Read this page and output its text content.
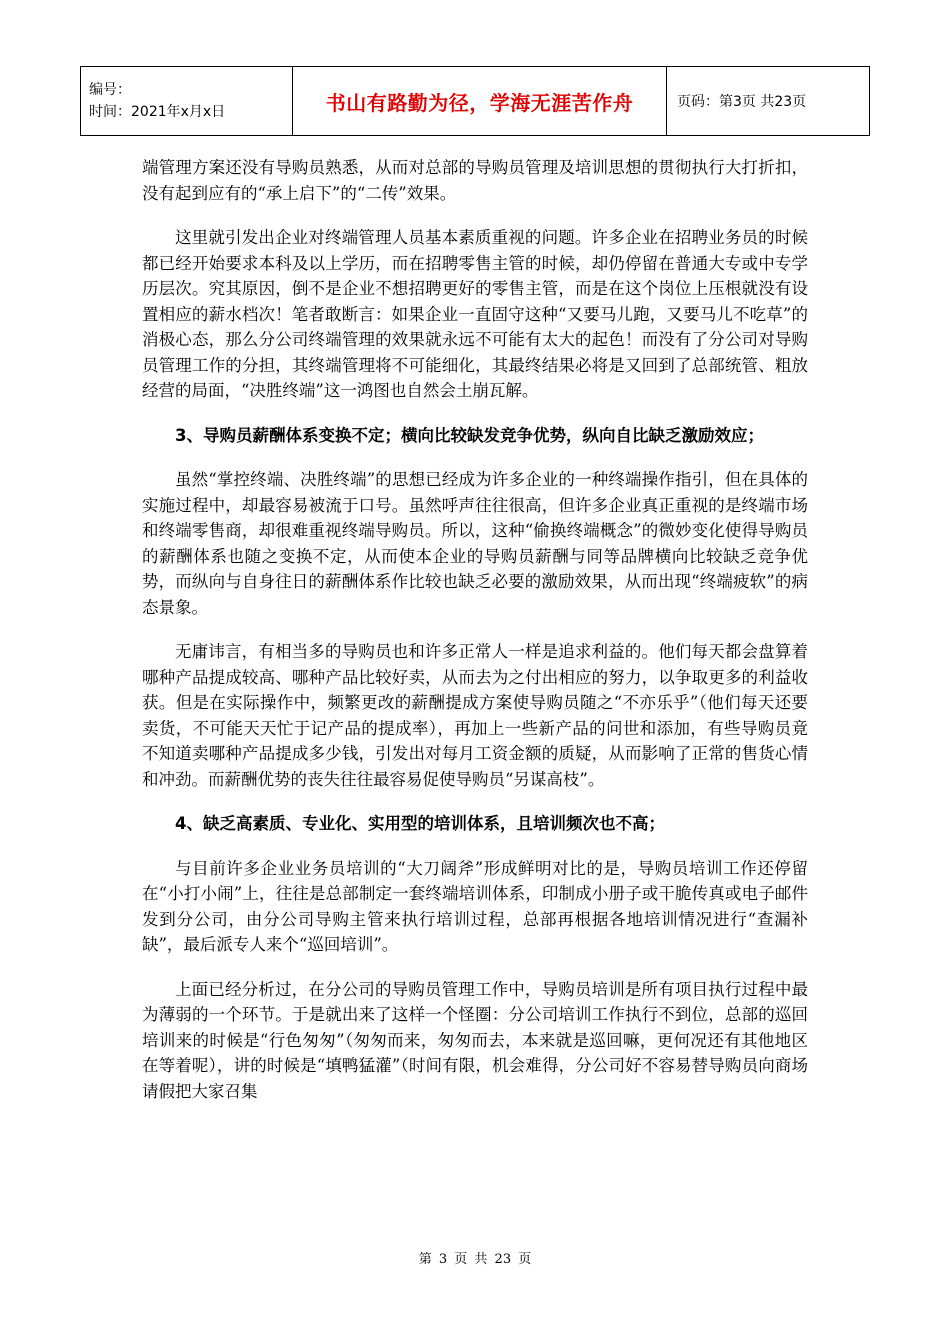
编号：
时间：2021年x月x日	书山有路勤为径，学海无涯苦作舟	页码：第3页 共23页

端管理方案还没有导购员熟悉，从而对总部的导购员管理及培训思想的贯彻执行大打折扣，没有起到应有的“承上启下”的“二传”效果。

这里就引发出企业对终端管理人员基本素质重视的问题。许多企业在招聘业务员的时候都已经开始要求本科及以上学历，而在招聘零售主管的时候，却仍停留在普通大专或中专学历层次。究其原因，倒不是企业不想招聘更好的零售主管，而是在这个岗位上压根就没有设置相应的薪水档次！笔者敢断言：如果企业一直固守这种“又要马儿跑，又要马儿不吃草”的消极心态，那么分公司终端管理的效果就永远不可能有太大的起色！而没有了分公司对导购员管理工作的分担，其终端管理将不可能细化，其最终结果必将是又回到了总部统管、粗放经营的局面，“决胜终端”这一鸿图也自然会土崩瓦解。

3、导购员薪酬体系变换不定；横向比较缺发竞争优势，纵向自比缺乏激励效应；

虽然“掌控终端、决胜终端”的思想已经成为许多企业的一种终端操作指引，但在具体的实施过程中，却最容易被流于口号。虽然呼声往往很高，但许多企业真正重视的是终端市场和终端零售商，却很难重视终端导购员。所以，这种“偷换终端概念”的微妙变化使得导购员的薪酬体系也随之变换不定，从而使本企业的导购员薪酬与同等品牌横向比较缺乏竞争优势，而纵向与自身往日的薪酬体系作比较也缺乏必要的激励效果，从而出现“终端疲软”的病态景象。

无庸讳言，有相当多的导购员也和许多正常人一样是追求利益的。他们每天都会盘算着哪种产品提成较高、哪种产品比较好卖，从而去为之付出相应的努力，以争取更多的利益收获。但是在实际操作中，频繁更改的薪酬提成方案使导购员随之“不亦乐乎”（他们每天还要卖货，不可能天天忙于记产品的提成率），再加上一些新产品的问世和添加，有些导购员竟不知道卖哪种产品提成多少钱，引发出对每月工资金额的质疑，从而影响了正常的售货心情和冲劲。而薪酬优势的丧失往往最容易促使导购员“另谋高枝”。

4、缺乏高素质、专业化、实用型的培训体系，且培训频次也不高；

与目前许多企业业务员培训的“大刀阔斧”形成鲜明对比的是，导购员培训工作还停留在“小打小闹”上，往往是总部制定一套终端培训体系，印制成小册子或干脆传真或电子邮件发到分公司，由分公司导购主管来执行培训过程，总部再根据各地培训情况进行“查漏补缺”，最后派专人来个“巡回培训”。

上面已经分析过，在分公司的导购员管理工作中，导购员培训是所有项目执行过程中最为薄弱的一个环节。于是就出来了这样一个怪圈：分公司培训工作执行不到位，总部的巡回培训来的时候是“行色匆匆”（匆匆而来，匆匆而去，本来就是巡回嘛，更何况还有其他地区在等着呢），讲的时候是“填鸭猛灌”（时间有限，机会难得，分公司好不容易替导购员向商场请假把大家召集

第 3 页 共 23 页
